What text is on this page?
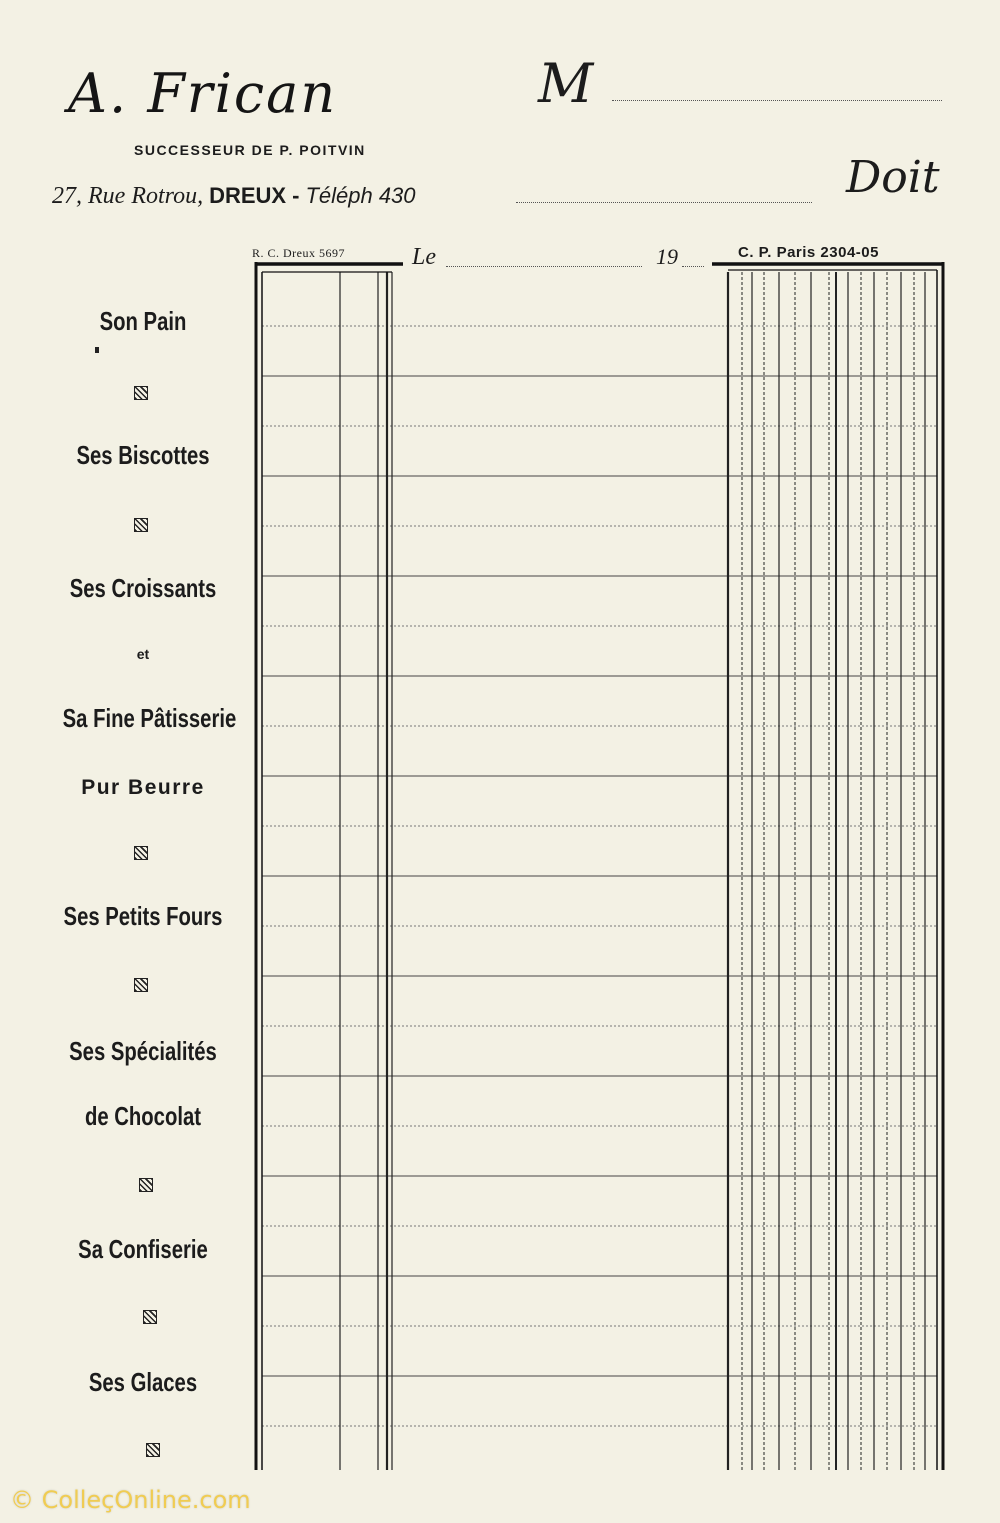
A. Frican
SUCCESSEUR DE P. POITVIN
27, Rue Rotrou, DREUX - Téléph 430
M
Doit
R. C. Dreux 5697	Le	19	C. P. Paris 2304-05
Son Pain
Ses Biscottes
Ses Croissants
et
Sa Fine Pâtisserie
Pur Beurre
Ses Petits Fours
Ses Spécialités
de Chocolat
Sa Confiserie
Ses Glaces
© ColleçOnline.com
